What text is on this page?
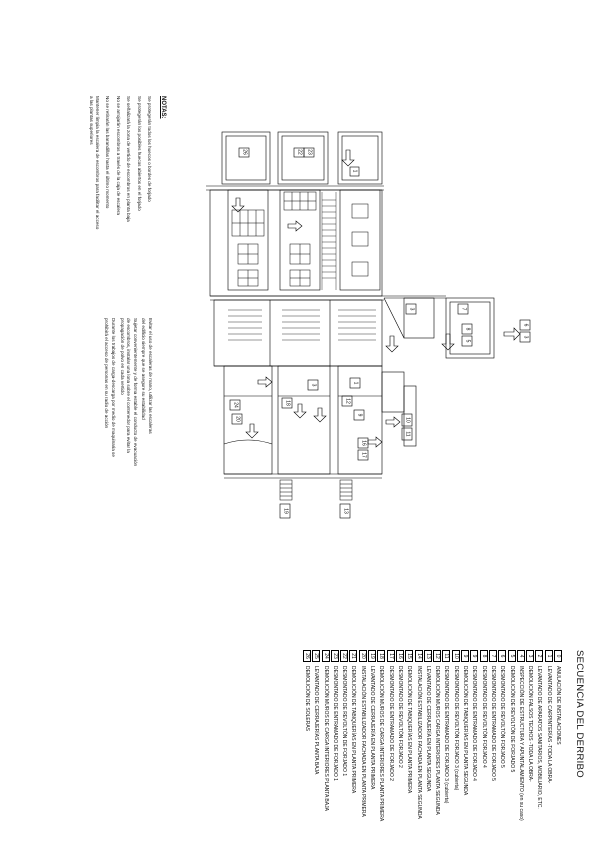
NOTAS:
Se protegerán todos los huecos o bordes de forjado
Se protegerán los posibles huecos abiertos en el forjado
Se señalizará la zona de vertido de escombros en planta baja
No se arrojarán escombros a través de la caja de escalera
No se retirarán las barandillas hasta el último momento
Mantener limpia la escalera de escombros para facilitar el acceso
a las plantas superiores
Evitar el uso de escaleras de mano, utilizar las escaleras
del edificio siempre que se asegure su estabilidad
Sujetar convenientemente y de forma estable el conducto de evacuación
de escombros, instalar una lona sobre el contenedor para evitar la
propagación de polvo en cada vertido
Durante los trabajos de carga-descarga por medio de maquinaria se
prohibirá el acceso de personas en su radio de acción
26	22 23
1
3	7
8
5
6
3
1
3
18	12
9
10
11
16
17
24
20
19	13
SECUENCIA DEL DERRIBO
0
ANULACIÓN DE INSTALACIONES
1
LEVANTADO DE CARPINTERÍAS -TODA LA OBRA-
2
LEVANTADO DE APARATOS SANITARIOS, MOBILIARIO, ETC.
3
DEMOLICIÓN FALSOS TECHOS -TODA LA OBRA-
4
INSPECCIÓN DE ESTRUCTURA Y APUNTALAMIENTO (en su caso)
5
DEMOLICIÓN DE REVOLTÓN DE FORJADO 5
6
DESMONTADO DE REVOLTÓN FORJADO 5
7
DESMONTADO DE ENTRAMADO DE FORJADO 5
8
DESMONTADO DE REVOLTÓN FORJADO 4
9
DESMONTADO DE ENTRAMADO DE FORJADO 4
9
DEMOLICIÓN DE TABIQUERÍAS EN PLANTA SEGUNDA
10
DESMONTADO DE REVOLTÓN FORJADO 3 (cubierta)
11
DESMONTADO DE ENTRAMADO DE FORJADO 3 (cubierta)
12
DEMOLICIÓN MUROS CARGA INTERIORES PLANTA SEGUNDA
13
LEVANTADO DE CERRAJERÍA EN PLANTA SEGUNDA
14
INSTALACIÓN ESTABILIZADOR FACHADA EN PLANTA SEGUNDA
15
DEMOLICIÓN DE TABIQUERÍAS EN PLANTA PRIMERA
16
DESMONTADO DE REVOLTÓN FORJADO 2
17
DESMONTADO DE ENTRAMADO DE FORJADO 2
18
DEMOLICIÓN MUROS DE CARGA INTERIORES PLANTA PRIMERA
19
LEVANTADO DE CERRAJERÍA EN PLANTA PRIMERA
20
INSTALACIÓN ESTABILIZADOR FACHADA EN PLANTA PRIMERA
21
DEMOLICIÓN DE TABIQUERÍAS EN PLANTA PRIMERA
22
DESMONTADO DE REVOLTÓN DE FORJADO 1
23
DESMONTADO DE ENTRAMADO DE FORJADO 1
24
DEMOLICIÓN MUROS DE CARGA INTERIORES PLANTA BAJA
25
LEVANTADO DE CERRAJERÍAS PLANTA BAJA
26
DEMOLICIÓN DE SOLERAS
